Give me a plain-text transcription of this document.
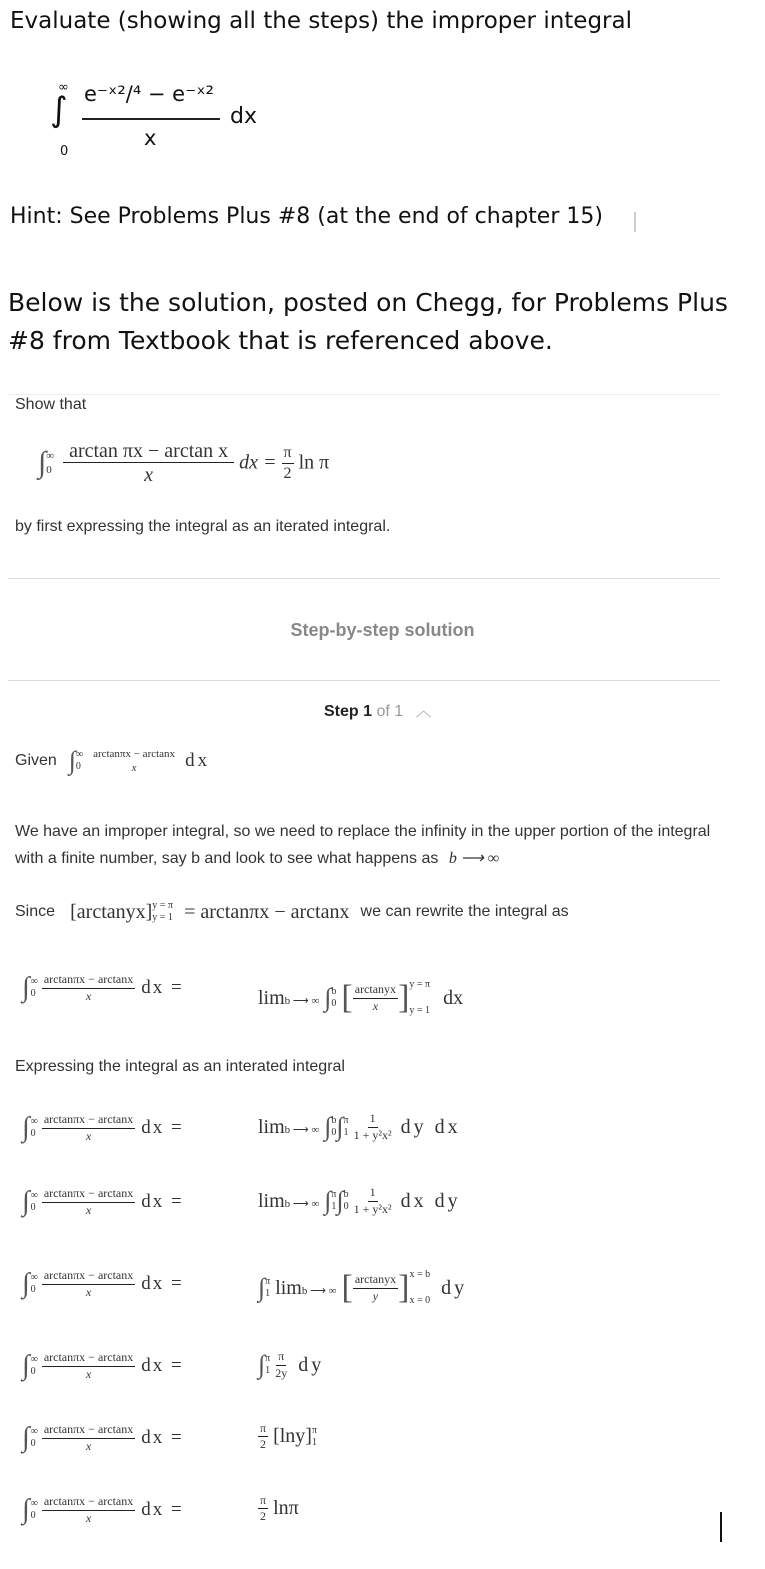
Evaluate (showing all the steps) the improper integral
∞
∫
0
e⁻ˣ²/⁴ − e⁻ˣ²
x
dx
Hint: See Problems Plus #8 (at the end of chapter 15)
Below is the solution, posted on Chegg, for Problems Plus #8 from Textbook that is referenced above.
Show that
∫∞
$0 \frac{\text{arctan πx − arctan x}}{x}$ dx = $\frac{\pi}{2}$ ln π
by first expressing the integral as an iterated integral.
Step-by-step solution
Step 1 of 1 ︿
Given ∫∞
0
arctanπx − arctanx
x	dx
We have an improper integral, so we need to replace the infinity in the upper portion of the integral with a finite number, say b and look to see what happens as b ⟶ ∞
Since [arctanyx]y = π
y = 1 = arctanπx − arctanx we can rewrite the integral as
∫∞
$0 \frac{\arctan\pi x - \arctan x}{x}$ dx =	limb ⟶ ∞ ∫b
0 [ $\frac{\text{arctanyx}}{x} ]y = \pi$
y = 1 dx
Expressing the integral as an interated integral
∫∞
$0 \frac{\arctan\pi x - \arctan x}{x}$ dx =	limb ⟶ ∞ ∫b
0∫π
$1 \frac{1}{\text{1 + y²x²}}$ dy dx
∫∞
$0 \frac{\arctan\pi x - \arctan x}{x}$ dx =	limb ⟶ ∞ ∫π
1∫b
$0 \frac{1}{\text{1 + y²x²}}$ dx dy
∫∞
$0 \frac{\arctan\pi x - \arctan x}{x}$ dx =	∫π
1 limb ⟶ ∞ [ $\frac{\text{arctanyx}}{y} ]x = b$
x = 0 dy
∫∞
$0 \frac{\arctan\pi x - \arctan x}{x}$ dx =	∫π
$1 \frac{\pi}{2y}$ dy
∫∞
$0 \frac{\arctan\pi x - \arctan x}{x}$ dx =	$\frac{\pi}{2} [\ln y]\pi$
1
∫∞
$0 \frac{\arctan\pi x - \arctan x}{x}$ dx =	$\frac{\pi}{2}$ lnπ
